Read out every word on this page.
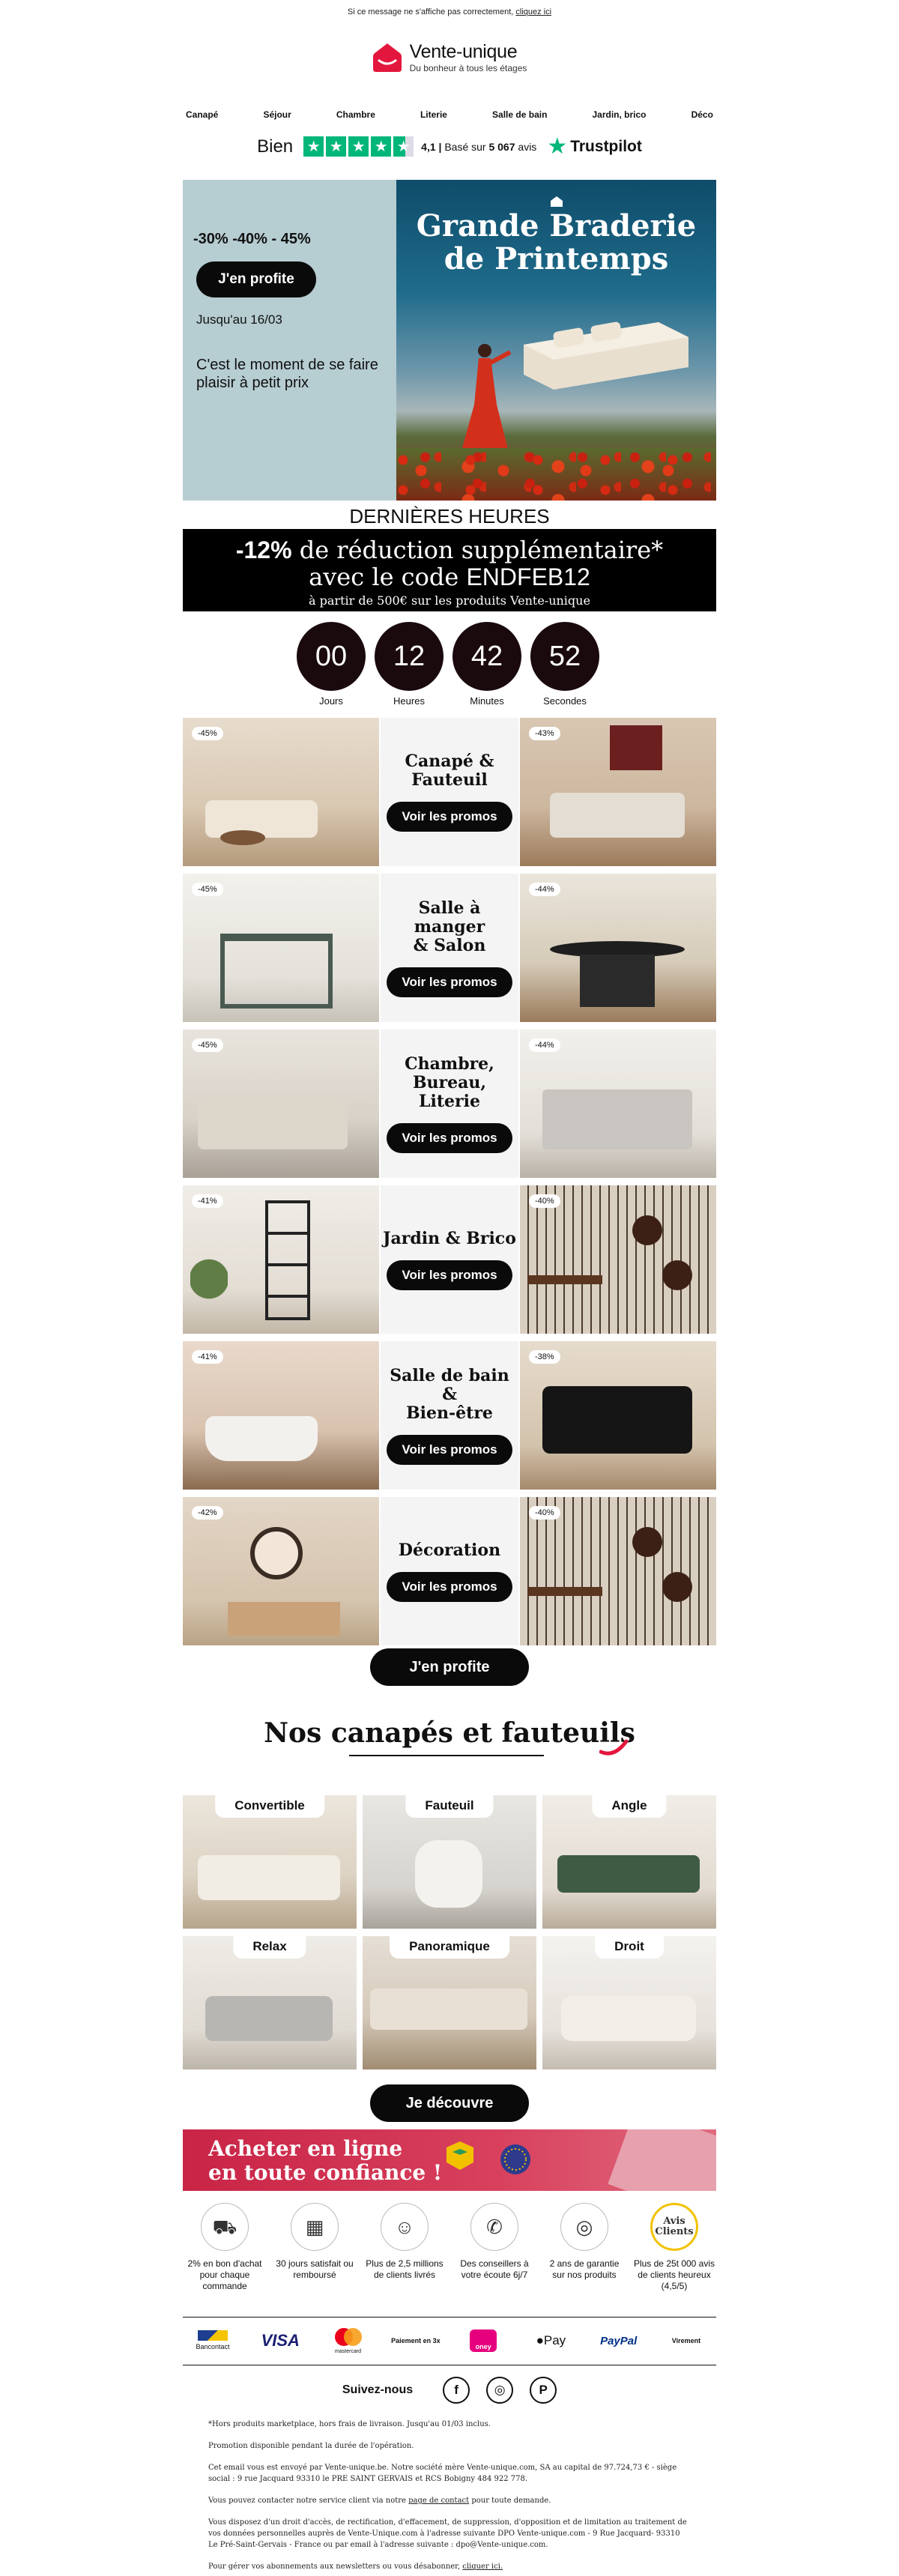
Si ce message ne s'affiche pas correctement, cliquez ici
Vente-unique
Du bonheur à tous les étages
Canapé	Séjour	Chambre	Literie	Salle de bain	Jardin, brico	Déco
Bien ★ ★ ★ ★ ★	4,1 | Basé sur 5 067 avis ★ Trustpilot
-30% -40% - 45%
J'en profite
Jusqu'au 16/03
C'est le moment de se faire plaisir à petit prix
Grande Braderie
de Printemps
DERNIÈRES HEURES
-12% de réduction supplémentaire*
avec le code ENDFEB12
à partir de 500€ sur les produits Vente-unique
00
Jours
12
Heures
42
Minutes
52
Secondes
-45%
Canapé &
Fauteuil
Voir les promos
-43%
-45%
Salle à manger
& Salon
Voir les promos
-44%
-45%
Chambre,
Bureau, Literie
Voir les promos
-44%
-41%
Jardin & Brico
Voir les promos
-40%
-41%
Salle de bain &
Bien-être
Voir les promos
-38%
-42%
Décoration
Voir les promos
-40%
J'en profite
Nos canapés et fauteuils
Convertible	Fauteuil	Angle
Relax	Panoramique	Droit
Je découvre
Acheter en ligne
en toute confiance !
⛟
2% en bon d'achat pour chaque commande
▦
30 jours satisfait ou remboursé
☺
Plus de 2,5 millions de clients livrés
✆
Des conseillers à votre écoute 6j/7
◎
2 ans de garantie sur nos produits
Avis
Clients
Plus de 25t 000 avis de clients heureux (4,5/5)
Bancontact	VISA
mastercard
Paiement en 3x
oney	●Pay	PayPal	Virement
Suivez-nous	f	◎	P

*Hors produits marketplace, hors frais de livraison. Jusqu'au 01/03 inclus.

Promotion disponible pendant la durée de l'opération.

Cet email vous est envoyé par Vente-unique.be. Notre société mère Vente-unique.com, SA au capital de 97.724,73 € - siège social : 9 rue Jacquard 93310 le PRE SAINT GERVAIS et RCS Bobigny 484 922 778.

Vous pouvez contacter notre service client via notre page de contact pour toute demande.

Vous disposez d'un droit d'accès, de rectification, d'effacement, de suppression, d'opposition et de limitation au traitement de vos données personnelles auprès de Vente-Unique.com à l'adresse suivante DPO Vente-unique.com - 9 Rue Jacquard- 93310 Le Pré-Saint-Gervais - France ou par email à l'adresse suivante : dpo@Vente-unique.com.

Pour gérer vos abonnements aux newsletters ou vous désabonner, cliquer ici.
